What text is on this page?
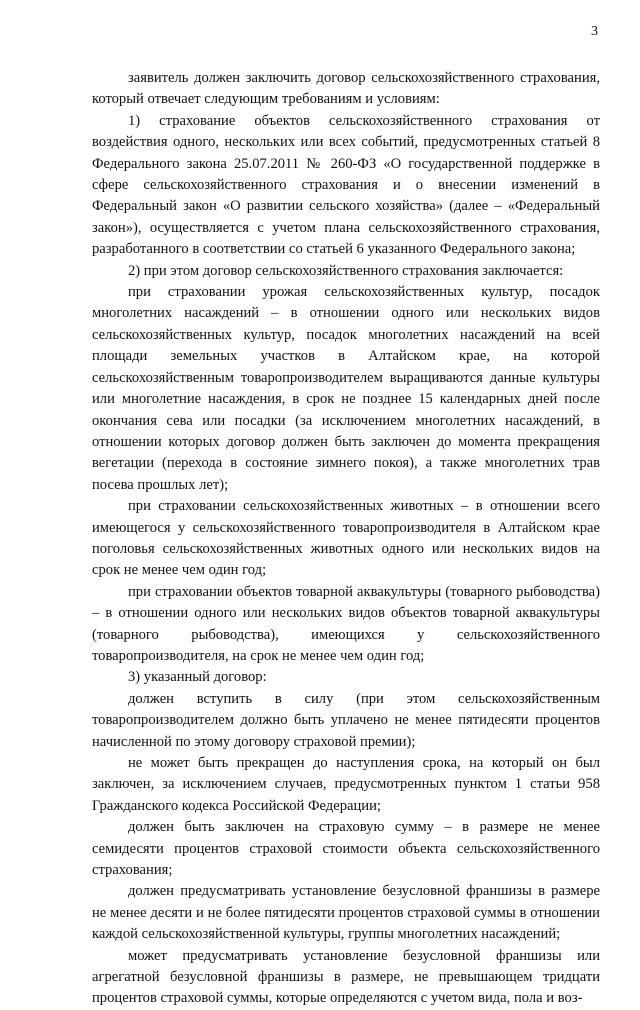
3

заявитель должен заключить договор сельскохозяйственного страхования, который отвечает следующим требованиям и условиям:

1) страхование объектов сельскохозяйственного страхования от воздействия одного, нескольких или всех событий, предусмотренных статьей 8 Федерального закона 25.07.2011 № 260-ФЗ «О государственной поддержке в сфере сельскохозяйственного страхования и о внесении изменений в Федеральный закон «О развитии сельского хозяйства» (далее – «Федеральный закон»), осуществляется с учетом плана сельскохозяйственного страхования, разработанного в соответствии со статьей 6 указанного Федерального закона;

2) при этом договор сельскохозяйственного страхования заключается:

при страховании урожая сельскохозяйственных культур, посадок многолетних насаждений – в отношении одного или нескольких видов сельскохозяйственных культур, посадок многолетних насаждений на всей площади земельных участков в Алтайском крае, на которой сельскохозяйственным товаропроизводителем выращиваются данные культуры или многолетние насаждения, в срок не позднее 15 календарных дней после окончания сева или посадки (за исключением многолетних насаждений, в отношении которых договор должен быть заключен до момента прекращения вегетации (перехода в состояние зимнего покоя), а также многолетних трав посева прошлых лет);

при страховании сельскохозяйственных животных – в отношении всего имеющегося у сельскохозяйственного товаропроизводителя в Алтайском крае поголовья сельскохозяйственных животных одного или нескольких видов на срок не менее чем один год;

при страховании объектов товарной аквакультуры (товарного рыбоводства) – в отношении одного или нескольких видов объектов товарной аквакультуры (товарного рыбоводства), имеющихся у сельскохозяйственного товаропроизводителя, на срок не менее чем один год;

3) указанный договор:

должен вступить в силу (при этом сельскохозяйственным товаропроизводителем должно быть уплачено не менее пятидесяти процентов начисленной по этому договору страховой премии);

не может быть прекращен до наступления срока, на который он был заключен, за исключением случаев, предусмотренных пунктом 1 статьи 958 Гражданского кодекса Российской Федерации;

должен быть заключен на страховую сумму – в размере не менее семидесяти процентов страховой стоимости объекта сельскохозяйственного страхования;

должен предусматривать установление безусловной франшизы в размере не менее десяти и не более пятидесяти процентов страховой суммы в отношении каждой сельскохозяйственной культуры, группы многолетних насаждений;

может предусматривать установление безусловной франшизы или агрегатной безусловной франшизы в размере, не превышающем тридцати процентов страховой суммы, которые определяются с учетом вида, пола и воз-
